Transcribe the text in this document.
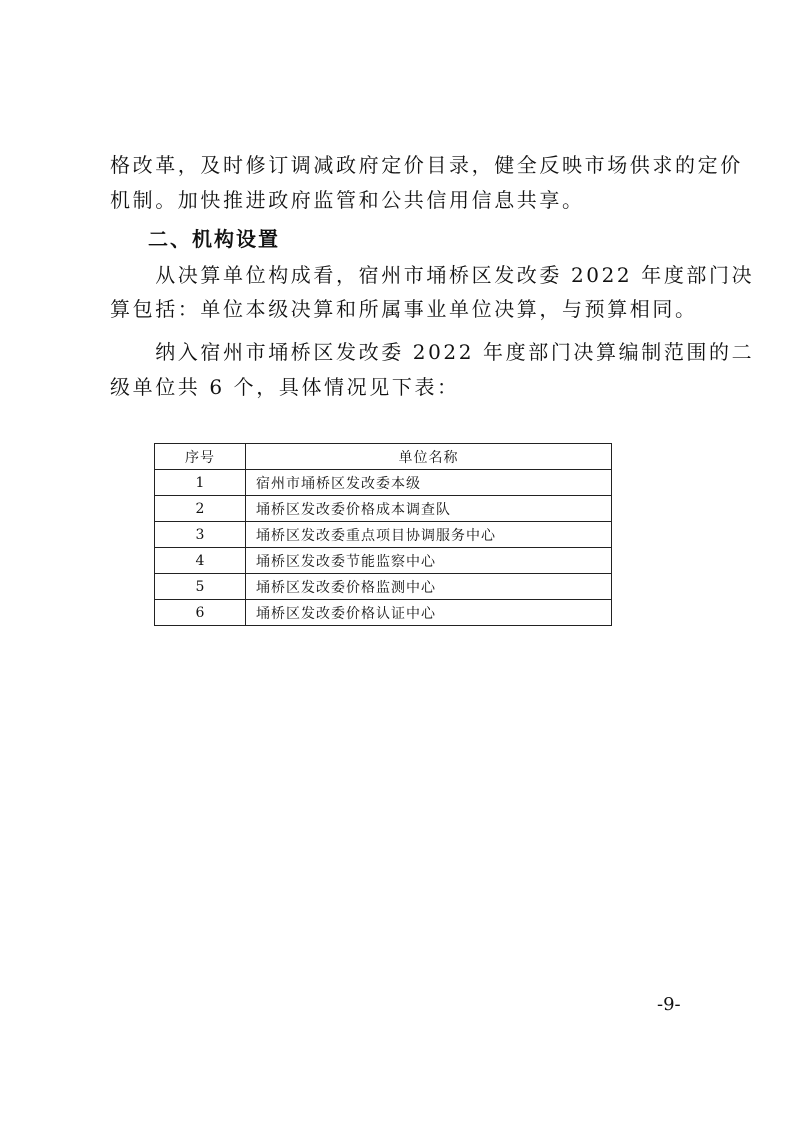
格改革，及时修订调减政府定价目录，健全反映市场供求的定价
机制。加快推进政府监管和公共信用信息共享。
二、机构设置
　　从决算单位构成看，宿州市埇桥区发改委 2022 年度部门决
算包括：单位本级决算和所属事业单位决算，与预算相同。
　　纳入宿州市埇桥区发改委 2022 年度部门决算编制范围的二
级单位共 6 个，具体情况见下表：
序号	单位名称
1	宿州市埇桥区发改委本级
2	埇桥区发改委价格成本调查队
3	埇桥区发改委重点项目协调服务中心
4	埇桥区发改委节能监察中心
5	埇桥区发改委价格监测中心
6	埇桥区发改委价格认证中心
-9-
